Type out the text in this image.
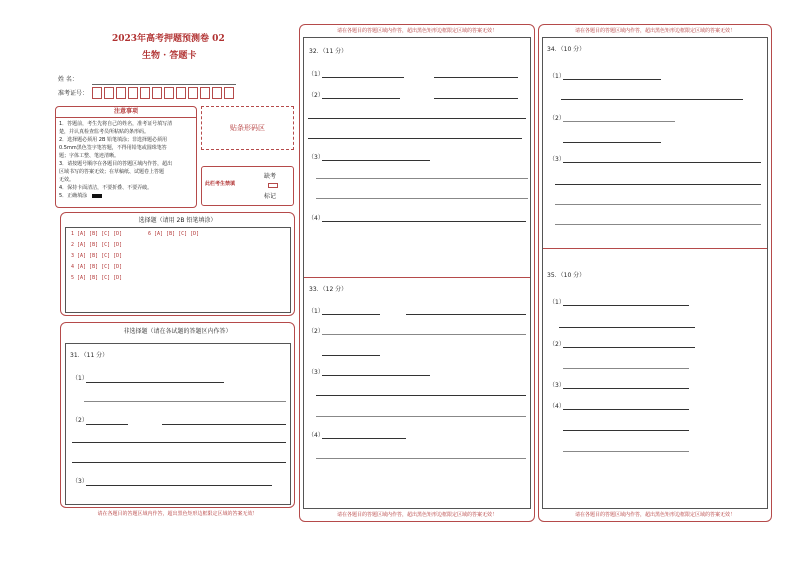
2023年高考押题预测卷 02
生物 · 答题卡
姓 名：
准考证号：
注意事项
1．答题前，考生先将自己的姓名，准考证号填写清
楚，并认真检查监考员所粘贴的条形码。
2．选择题必须用 2B 铅笔填涂；非选择题必须用
0.5mm黑色签字笔答题，不得用铅笔或圆珠笔答
题；字体工整、笔迹清晰。
3．请按题号顺序在各题目的答题区域内作答，超出
区域书写的答案无效；在草稿纸、试题卷上答题
无效。
4．保持卡面清洁，不要折叠、不要弄破。
5．正确填涂
贴条形码区
此栏考生禁填
缺考
标记
选择题（请用 2B 铅笔填涂）
1 [A] [B] [C] [D]
2 [A] [B] [C] [D]
3 [A] [B] [C] [D]
4 [A] [B] [C] [D]
5 [A] [B] [C] [D]
6 [A] [B] [C] [D]
非选择题（请在各试题的答题区内作答）
31．（11 分）
（1）
（2）
（3）
请在各题目的答题区域内作答，超出黑色矩形边框限定区域的答案无效！
请在各题目的答题区域内作答，超出黑色矩形边框限定区域的答案无效！
32．（11 分）
（1）
（2）
（3）
（4）
33．（12 分）
（1）
（2）
（3）
（4）
请在各题目的答题区域内作答，超出黑色矩形边框限定区域的答案无效！
请在各题目的答题区域内作答，超出黑色矩形边框限定区域的答案无效！
34．（10 分）
（1）
（2）
（3）
35．（10 分）
（1）
（2）
（3）
（4）
请在各题目的答题区域内作答，超出黑色矩形边框限定区域的答案无效！
